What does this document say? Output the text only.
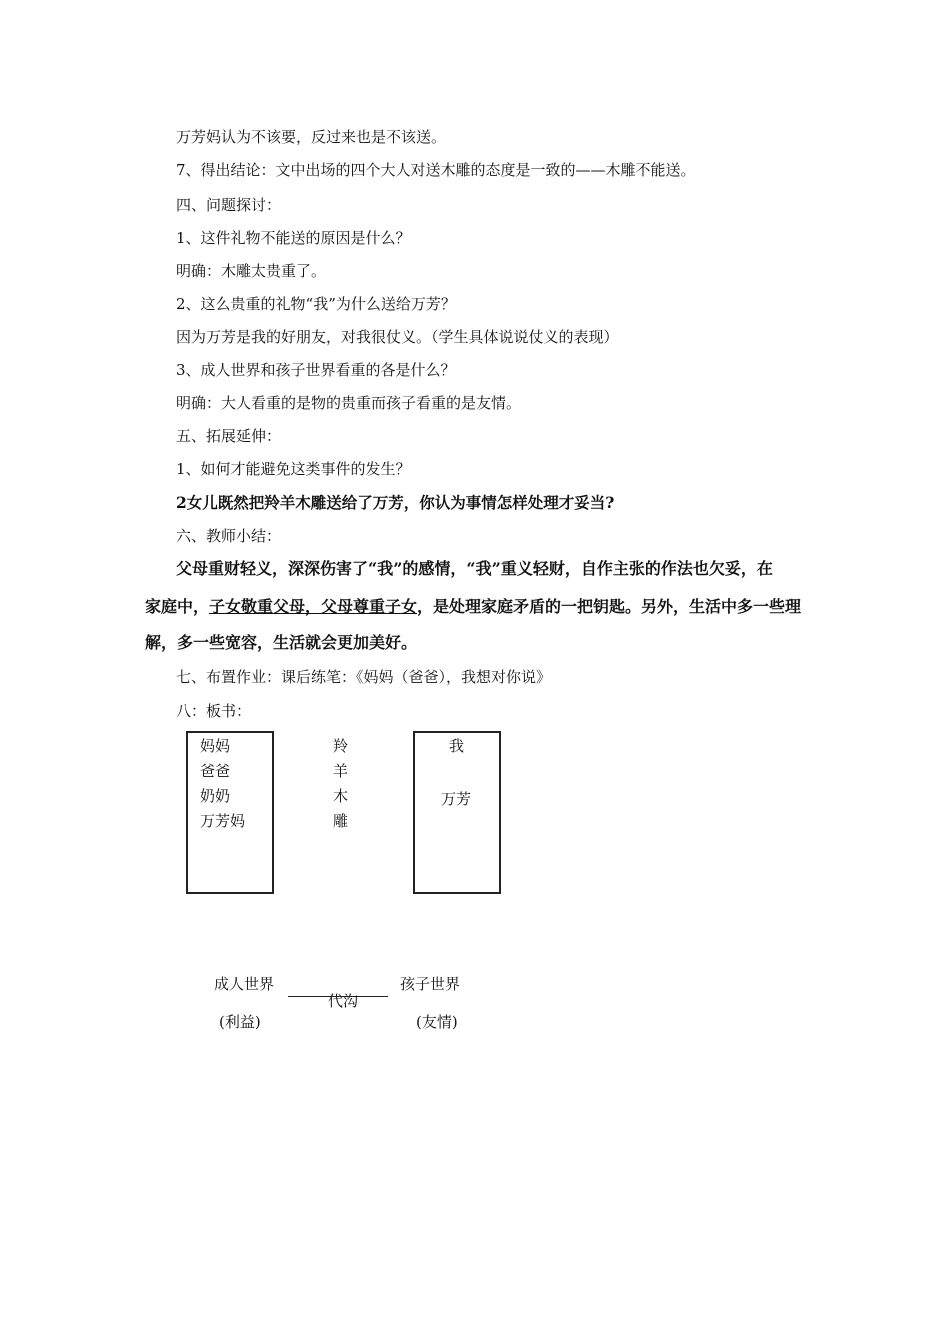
万芳妈认为不该要，反过来也是不该送。
7、得出结论：文中出场的四个大人对送木雕的态度是一致的——木雕不能送。
四、问题探讨：
1、这件礼物不能送的原因是什么？
明确：木雕太贵重了。
2、这么贵重的礼物“我”为什么送给万芳？
因为万芳是我的好朋友，对我很仗义。（学生具体说说仗义的表现）
3、成人世界和孩子世界看重的各是什么？
明确：大人看重的是物的贵重而孩子看重的是友情。
五、拓展延伸：
1、如何才能避免这类事件的发生？
2女儿既然把羚羊木雕送给了万芳，你认为事情怎样处理才妥当?
六、教师小结：
父母重财轻义，深深伤害了“我”的感情，“我”重义轻财，自作主张的作法也欠妥，在
家庭中，子女敬重父母，父母尊重子女，是处理家庭矛盾的一把钥匙。另外，生活中多一些理
解，多一些宽容，生活就会更加美好。
七、布置作业：课后练笔：《妈妈（爸爸），我想对你说》
八：板书：
妈妈
爸爸
奶奶
万芳妈
羚
羊
木
雕
我
万芳
成人世界
代沟
孩子世界
(利益)	(友情)
